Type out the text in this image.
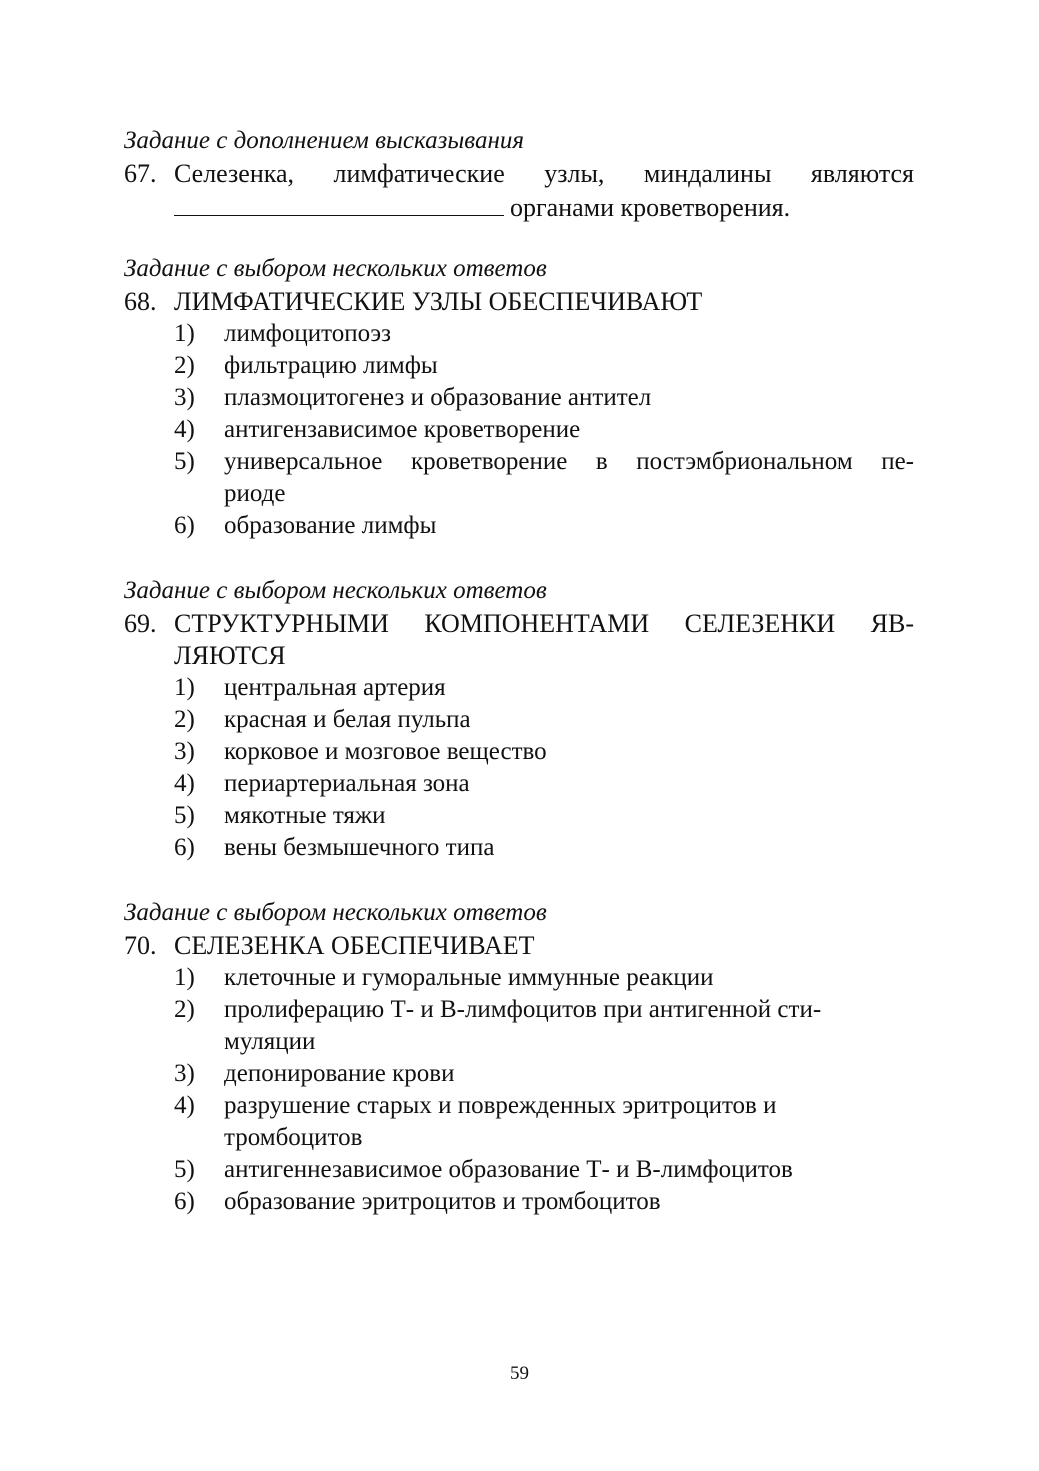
Задание с дополнением высказывания
67. Селезенка, лимфатические узлы, миндалины являются
органами кроветворения.
Задание с выбором нескольких ответов
68. ЛИМФАТИЧЕСКИЕ УЗЛЫ ОБЕСПЕЧИВАЮТ
1) лимфоцитопоэз
2) фильтрацию лимфы
3) плазмоцитогенез и образование антител
4) антигензависимое кроветворение
5) универсальное кроветворение в постэмбриональном пе-
риоде
6) образование лимфы
Задание с выбором нескольких ответов
69. СТРУКТУРНЫМИ КОМПОНЕНТАМИ СЕЛЕЗЕНКИ ЯВ-
ЛЯЮТСЯ
1) центральная артерия
2) красная и белая пульпа
3) корковое и мозговое вещество
4) периартериальная зона
5) мякотные тяжи
6) вены безмышечного типа
Задание с выбором нескольких ответов
70. СЕЛЕЗЕНКА ОБЕСПЕЧИВАЕТ
1) клеточные и гуморальные иммунные реакции
2) пролиферацию Т- и В-лимфоцитов при антигенной сти-
муляции
3) депонирование крови
4) разрушение старых и поврежденных эритроцитов и
тромбоцитов
5) антигеннезависимое образование Т- и В-лимфоцитов
6) образование эритроцитов и тромбоцитов
59
